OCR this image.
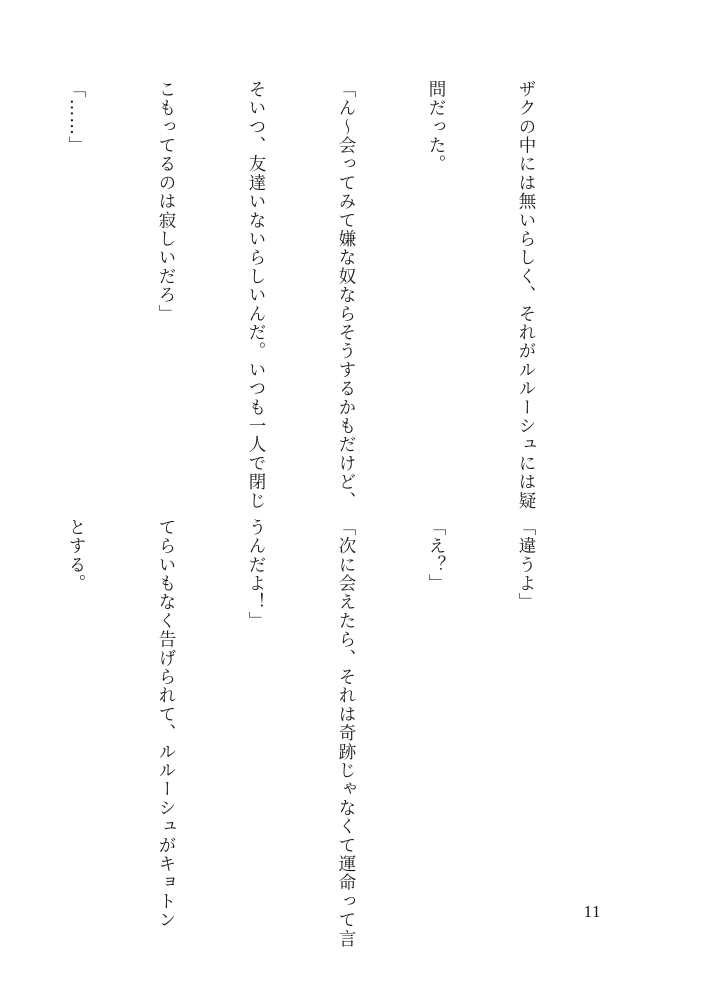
ザクの中には無いらしく、それがルルーシュには疑

問だった。

「ん〜会ってみて嫌な奴ならそうするかもだけど、

そいつ、友達いないらしいんだ。いつも一人で閉じ

こもってるのは寂しいだろ」

「……」

「違うよ」

「え？」

「次に会えたら、それは奇跡じゃなくて運命って言

うんだよ！」

てらいもなく告げられて、ルルーシュがキョトン

とする。

11
